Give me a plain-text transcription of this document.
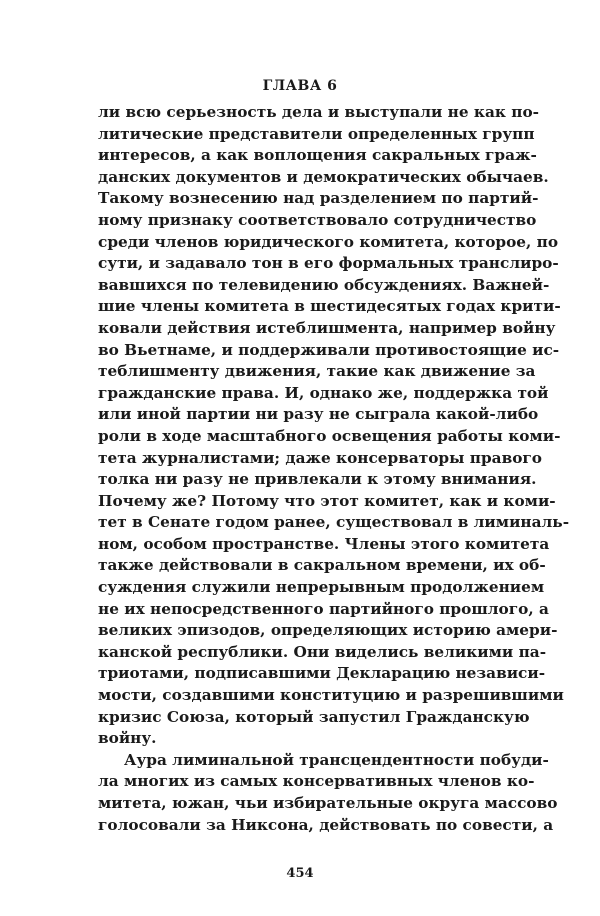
ГЛАВА 6
ли всю серьезность дела и выступали не как по-
литические представители определенных групп
интересов, а как воплощения сакральных граж-
данских документов и демократических обычаев.
Такому вознесению над разделением по партий-
ному признаку соответствовало сотрудничество
среди членов юридического комитета, которое, по
сути, и задавало тон в его формальных транслиро-
вавшихся по телевидению обсуждениях. Важней-
шие члены комитета в шестидесятых годах крити-
ковали действия истеблишмента, например войну
во Вьетнаме, и поддерживали противостоящие ис-
теблишменту движения, такие как движение за
гражданские права. И, однако же, поддержка той
или иной партии ни разу не сыграла какой-либо
роли в ходе масштабного освещения работы коми-
тета журналистами; даже консерваторы правого
толка ни разу не привлекали к этому внимания.
Почему же? Потому что этот комитет, как и коми-
тет в Сенате годом ранее, существовал в лиминаль-
ном, особом пространстве. Члены этого комитета
также действовали в сакральном времени, их об-
суждения служили непрерывным продолжением
не их непосредственного партийного прошлого, а
великих эпизодов, определяющих историю амери-
канской республики. Они виделись великими па-
триотами, подписавшими Декларацию независи-
мости, создавшими конституцию и разрешившими
кризис Союза, который запустил Гражданскую
войну.
Аура лиминальной трансцендентности побуди-
ла многих из самых консервативных членов ко-
митета, южан, чьи избирательные округа массово
голосовали за Никсона, действовать по совести, а
454
